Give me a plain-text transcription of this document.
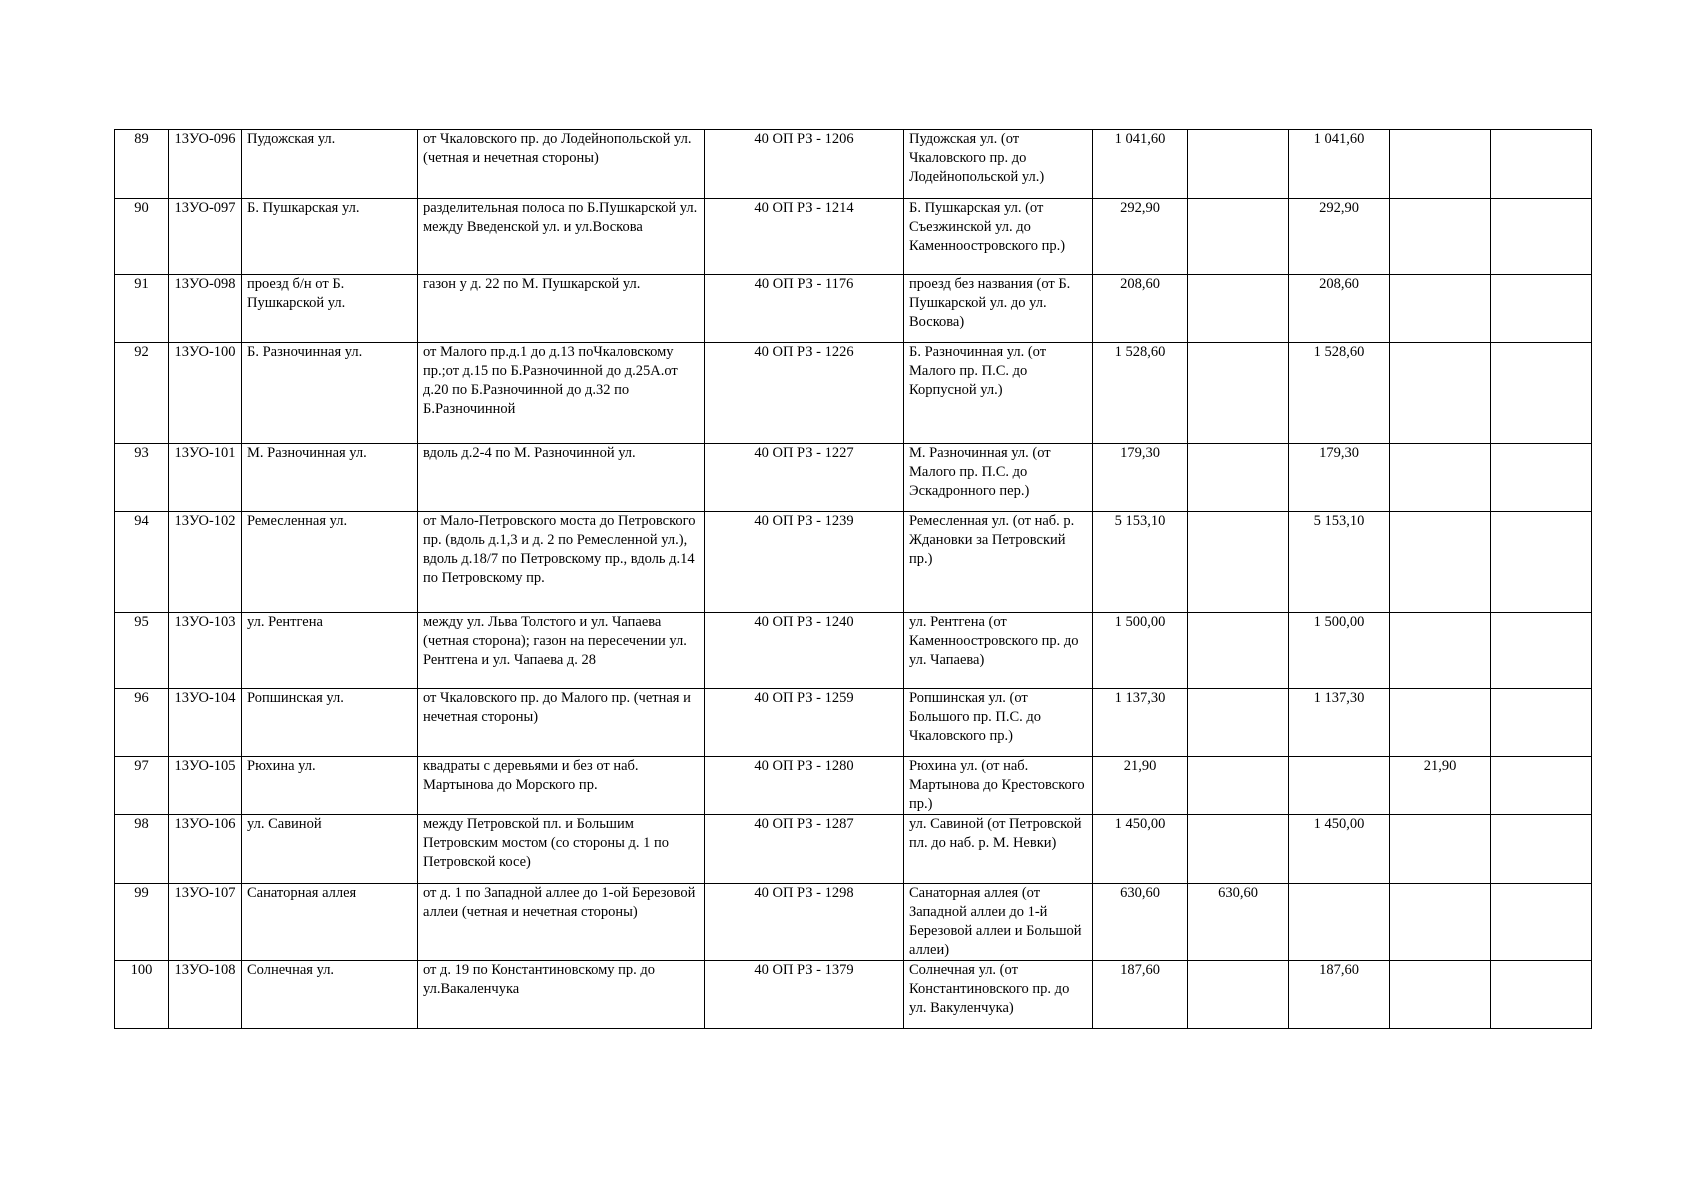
89	13УО-096	Пудожская ул.	от Чкаловского пр. до Лодейнопольской ул. (четная и нечетная стороны)	40 ОП РЗ - 1206	Пудожская ул. (от Чкаловского пр. до Лодейнопольской ул.)	1 041,60		1 041,60		
90	13УО-097	Б. Пушкарская ул.	разделительная полоса по Б.Пушкарской ул. между Введенской ул. и ул.Воскова	40 ОП РЗ - 1214	Б. Пушкарская ул. (от Съезжинской ул. до Каменноостровского пр.)	292,90		292,90		
91	13УО-098	проезд б/н от Б. Пушкарской ул.	газон у д. 22 по М. Пушкарской ул.	40 ОП РЗ - 1176	проезд без названия (от Б. Пушкарской ул. до ул. Воскова)	208,60		208,60		
92	13УО-100	Б. Разночинная ул.	от Малого пр.д.1 до д.13 поЧкаловскому пр.;от д.15 по Б.Разночинной до д.25А.от д.20 по Б.Разночинной до д.32 по Б.Разночинной	40 ОП РЗ - 1226	Б. Разночинная ул. (от Малого пр. П.С. до Корпусной ул.)	1 528,60		1 528,60		
93	13УО-101	М. Разночинная ул.	вдоль д.2-4 по М. Разночинной ул.	40 ОП РЗ - 1227	М. Разночинная ул. (от Малого пр. П.С. до Эскадронного пер.)	179,30		179,30		
94	13УО-102	Ремесленная ул.	от Мало-Петровского моста до Петровского пр. (вдоль д.1,3 и д. 2 по Ремесленной ул.), вдоль д.18/7 по Петровскому пр., вдоль д.14 по Петровскому пр.	40 ОП РЗ - 1239	Ремесленная ул. (от наб. р. Ждановки за Петровский пр.)	5 153,10		5 153,10		
95	13УО-103	ул. Рентгена	между ул. Льва Толстого и ул. Чапаева (четная сторона); газон на пересечении ул. Рентгена и ул. Чапаева д. 28	40 ОП РЗ - 1240	ул. Рентгена (от Каменноостровского пр. до ул. Чапаева)	1 500,00		1 500,00		
96	13УО-104	Ропшинская ул.	от Чкаловского пр. до Малого пр. (четная и нечетная стороны)	40 ОП РЗ - 1259	Ропшинская ул. (от Большого пр. П.С. до Чкаловского пр.)	1 137,30		1 137,30		
97	13УО-105	Рюхина ул.	квадраты с деревьями и без от наб. Мартынова до Морского пр.	40 ОП РЗ - 1280	Рюхина ул. (от наб. Мартынова до Крестовского пр.)	21,90			21,90	
98	13УО-106	ул. Савиной	между Петровской пл. и Большим Петровским мостом (со стороны д. 1 по Петровской косе)	40 ОП РЗ - 1287	ул. Савиной (от Петровской пл. до наб. р. М. Невки)	1 450,00		1 450,00		
99	13УО-107	Санаторная аллея	от д. 1 по Западной аллее до 1-ой Березовой аллеи (четная и нечетная стороны)	40 ОП РЗ - 1298	Санаторная аллея (от Западной аллеи до 1-й Березовой аллеи и Большой аллеи)	630,60	630,60			
100	13УО-108	Солнечная ул.	от д. 19 по Константиновскому пр. до ул.Вакаленчука	40 ОП РЗ - 1379	Солнечная ул. (от Константиновского пр. до ул. Вакуленчука)	187,60		187,60		
